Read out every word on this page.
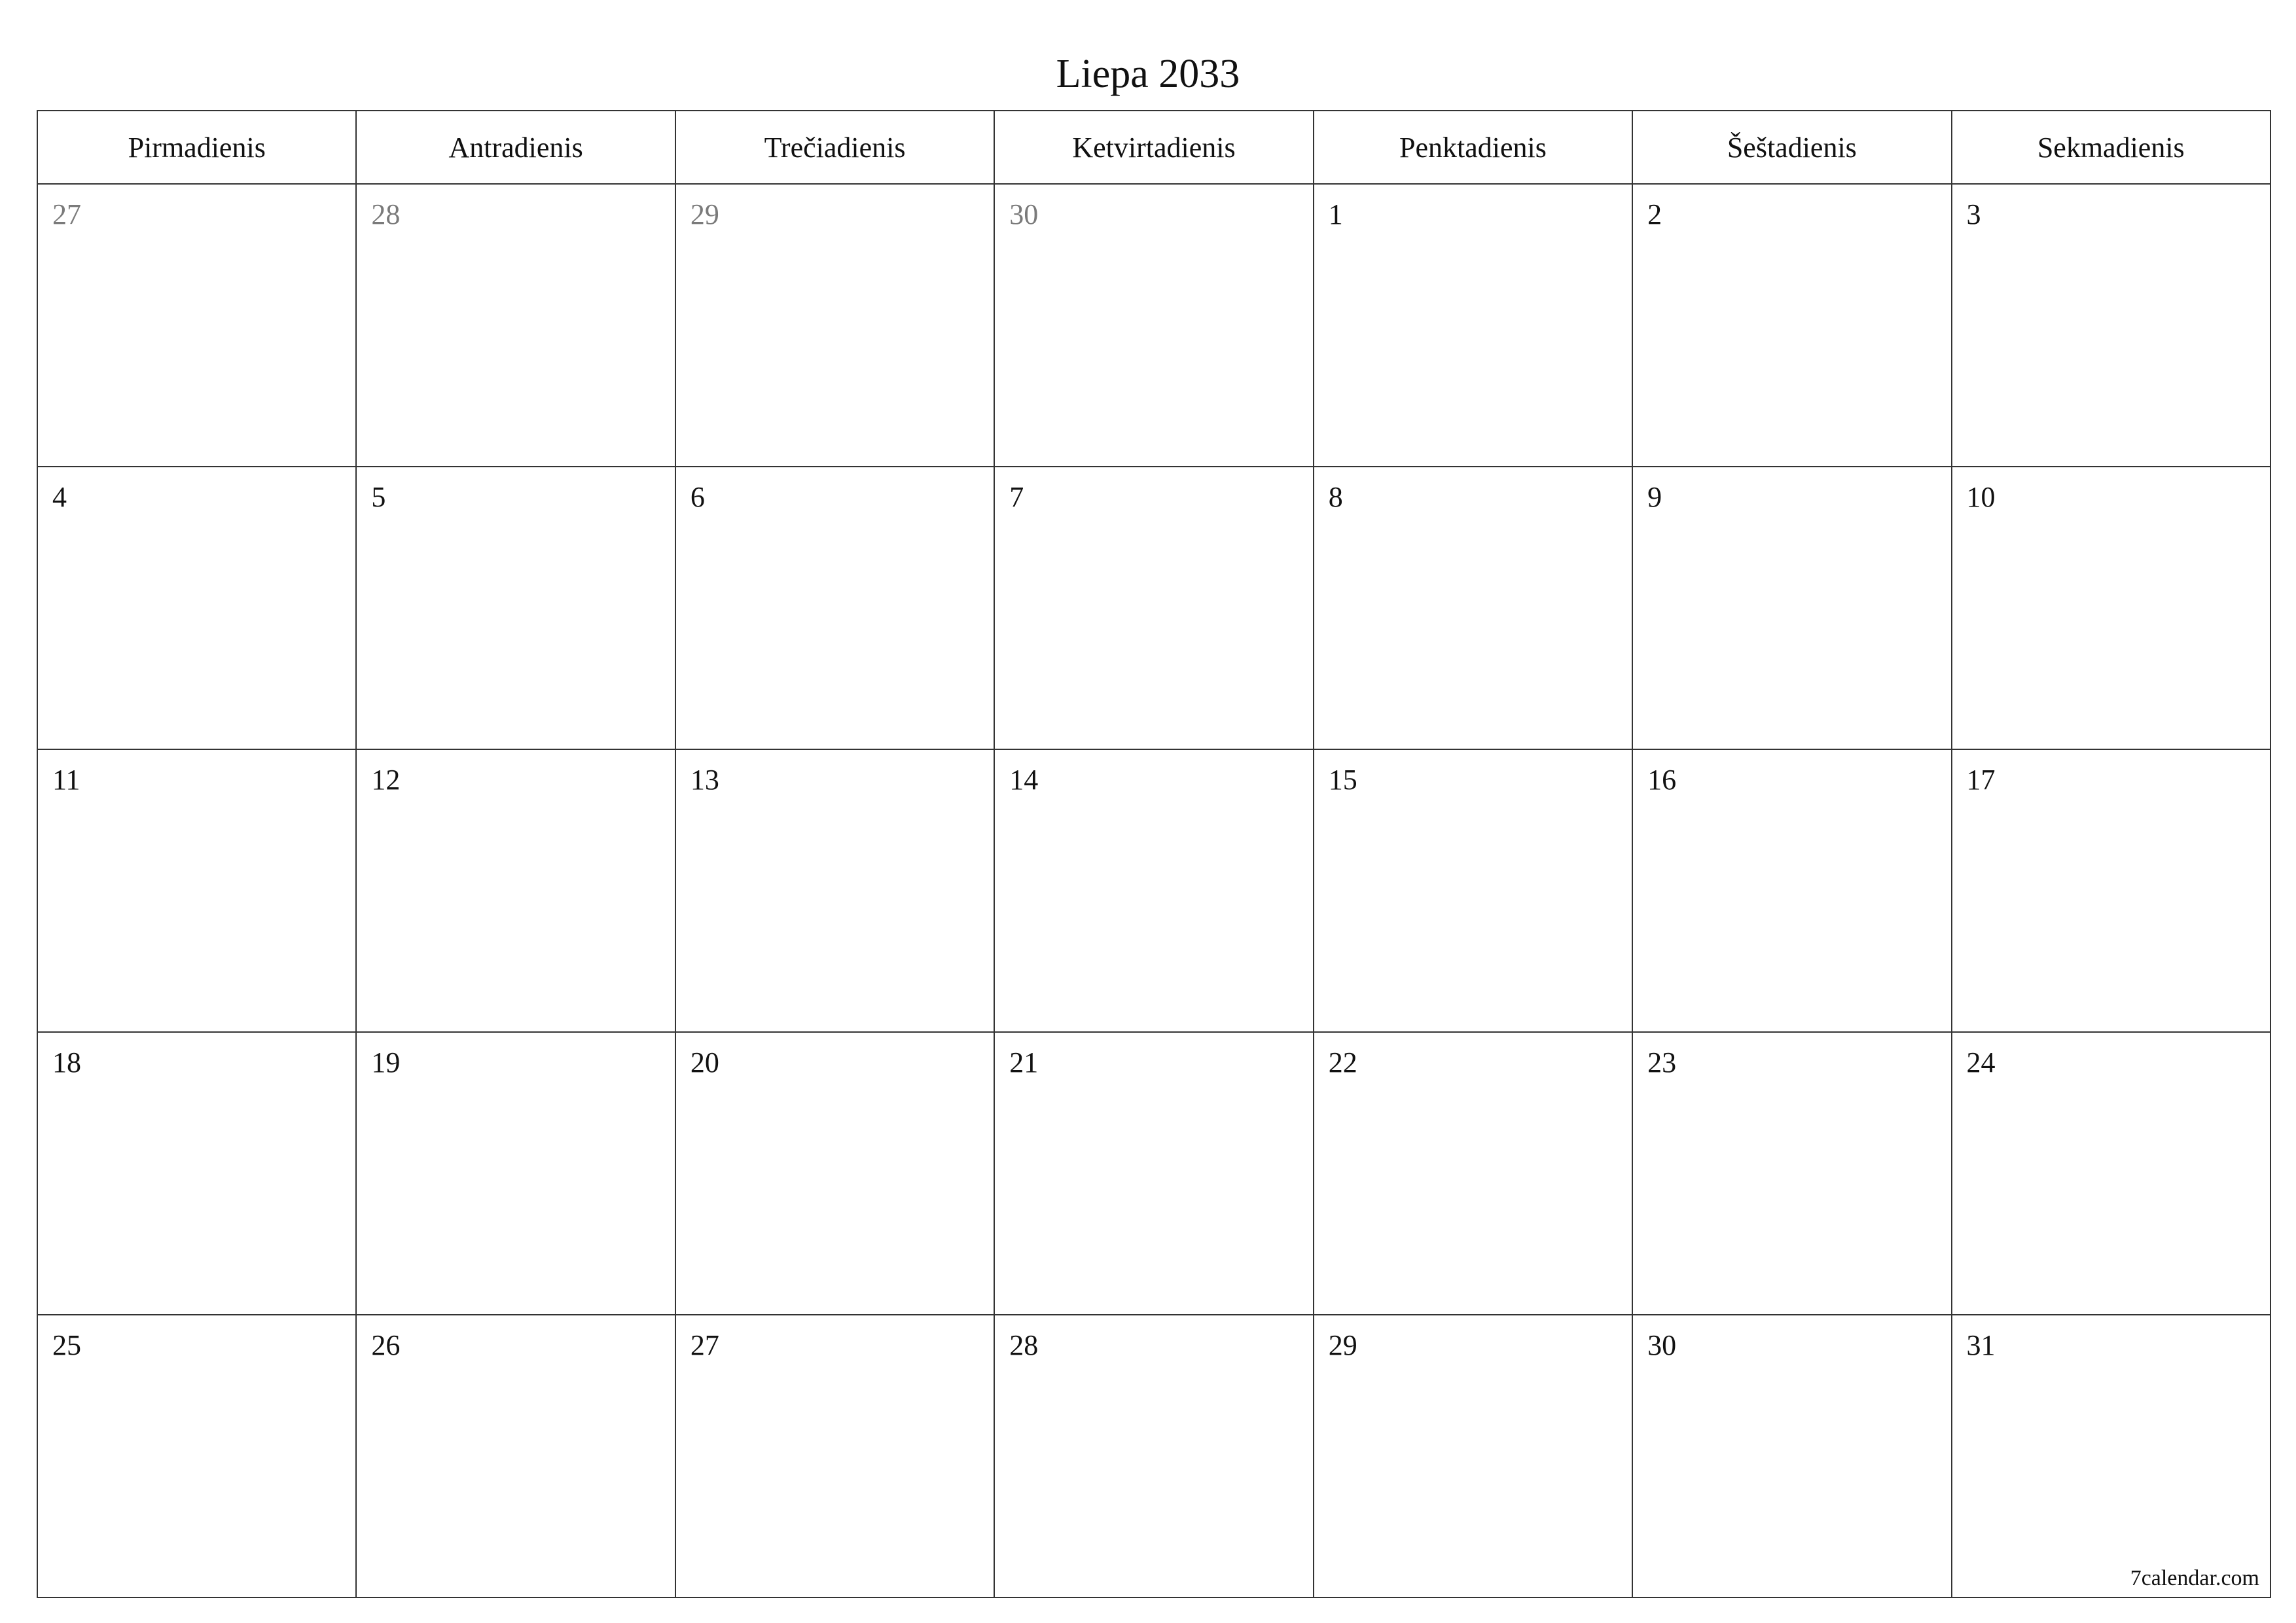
Liepa 2033
Pirmadienis	Antradienis	Trečiadienis	Ketvirtadienis	Penktadienis	Šeštadienis	Sekmadienis

27	28	29	30	1	2	3

4	5	6	7	8	9	10

11	12	13	14	15	16	17

18	19	20	21	22	23	24

25	26	27	28	29	30	31
7calendar.com
